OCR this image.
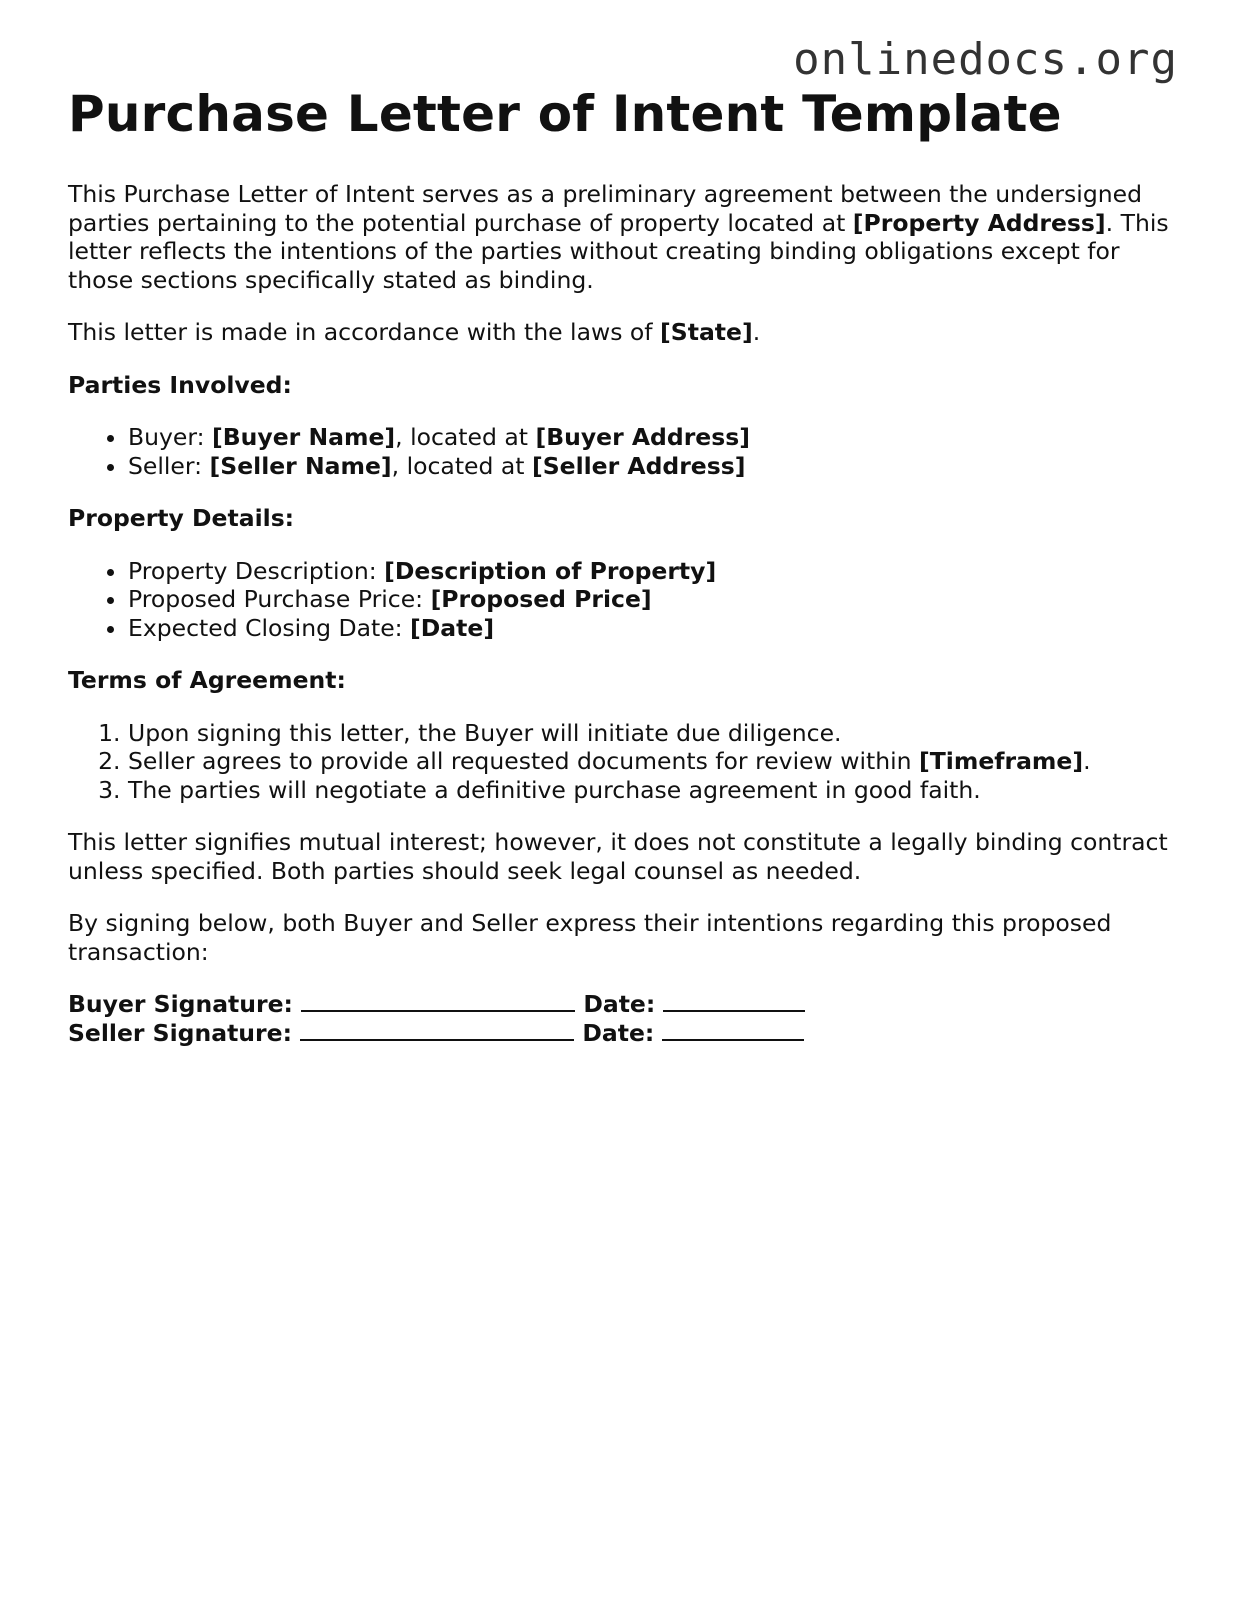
onlinedocs.org
Purchase Letter of Intent Template

This Purchase Letter of Intent serves as a preliminary agreement between the undersigned parties pertaining to the potential purchase of property located at [Property Address]. This letter reflects the intentions of the parties without creating binding obligations except for those sections specifically stated as binding.

This letter is made in accordance with the laws of [State].

Parties Involved:

• Buyer: [Buyer Name], located at [Buyer Address]
• Seller: [Seller Name], located at [Seller Address]

Property Details:

• Property Description: [Description of Property]
• Proposed Purchase Price: [Proposed Price]
• Expected Closing Date: [Date]

Terms of Agreement:

1. Upon signing this letter, the Buyer will initiate due diligence.
2. Seller agrees to provide all requested documents for review within [Timeframe].
3. The parties will negotiate a definitive purchase agreement in good faith.

This letter signifies mutual interest; however, it does not constitute a legally binding contract unless specified. Both parties should seek legal counsel as needed.

By signing below, both Buyer and Seller express their intentions regarding this proposed transaction:

Buyer Signature:	Date:
Seller Signature:	Date:
